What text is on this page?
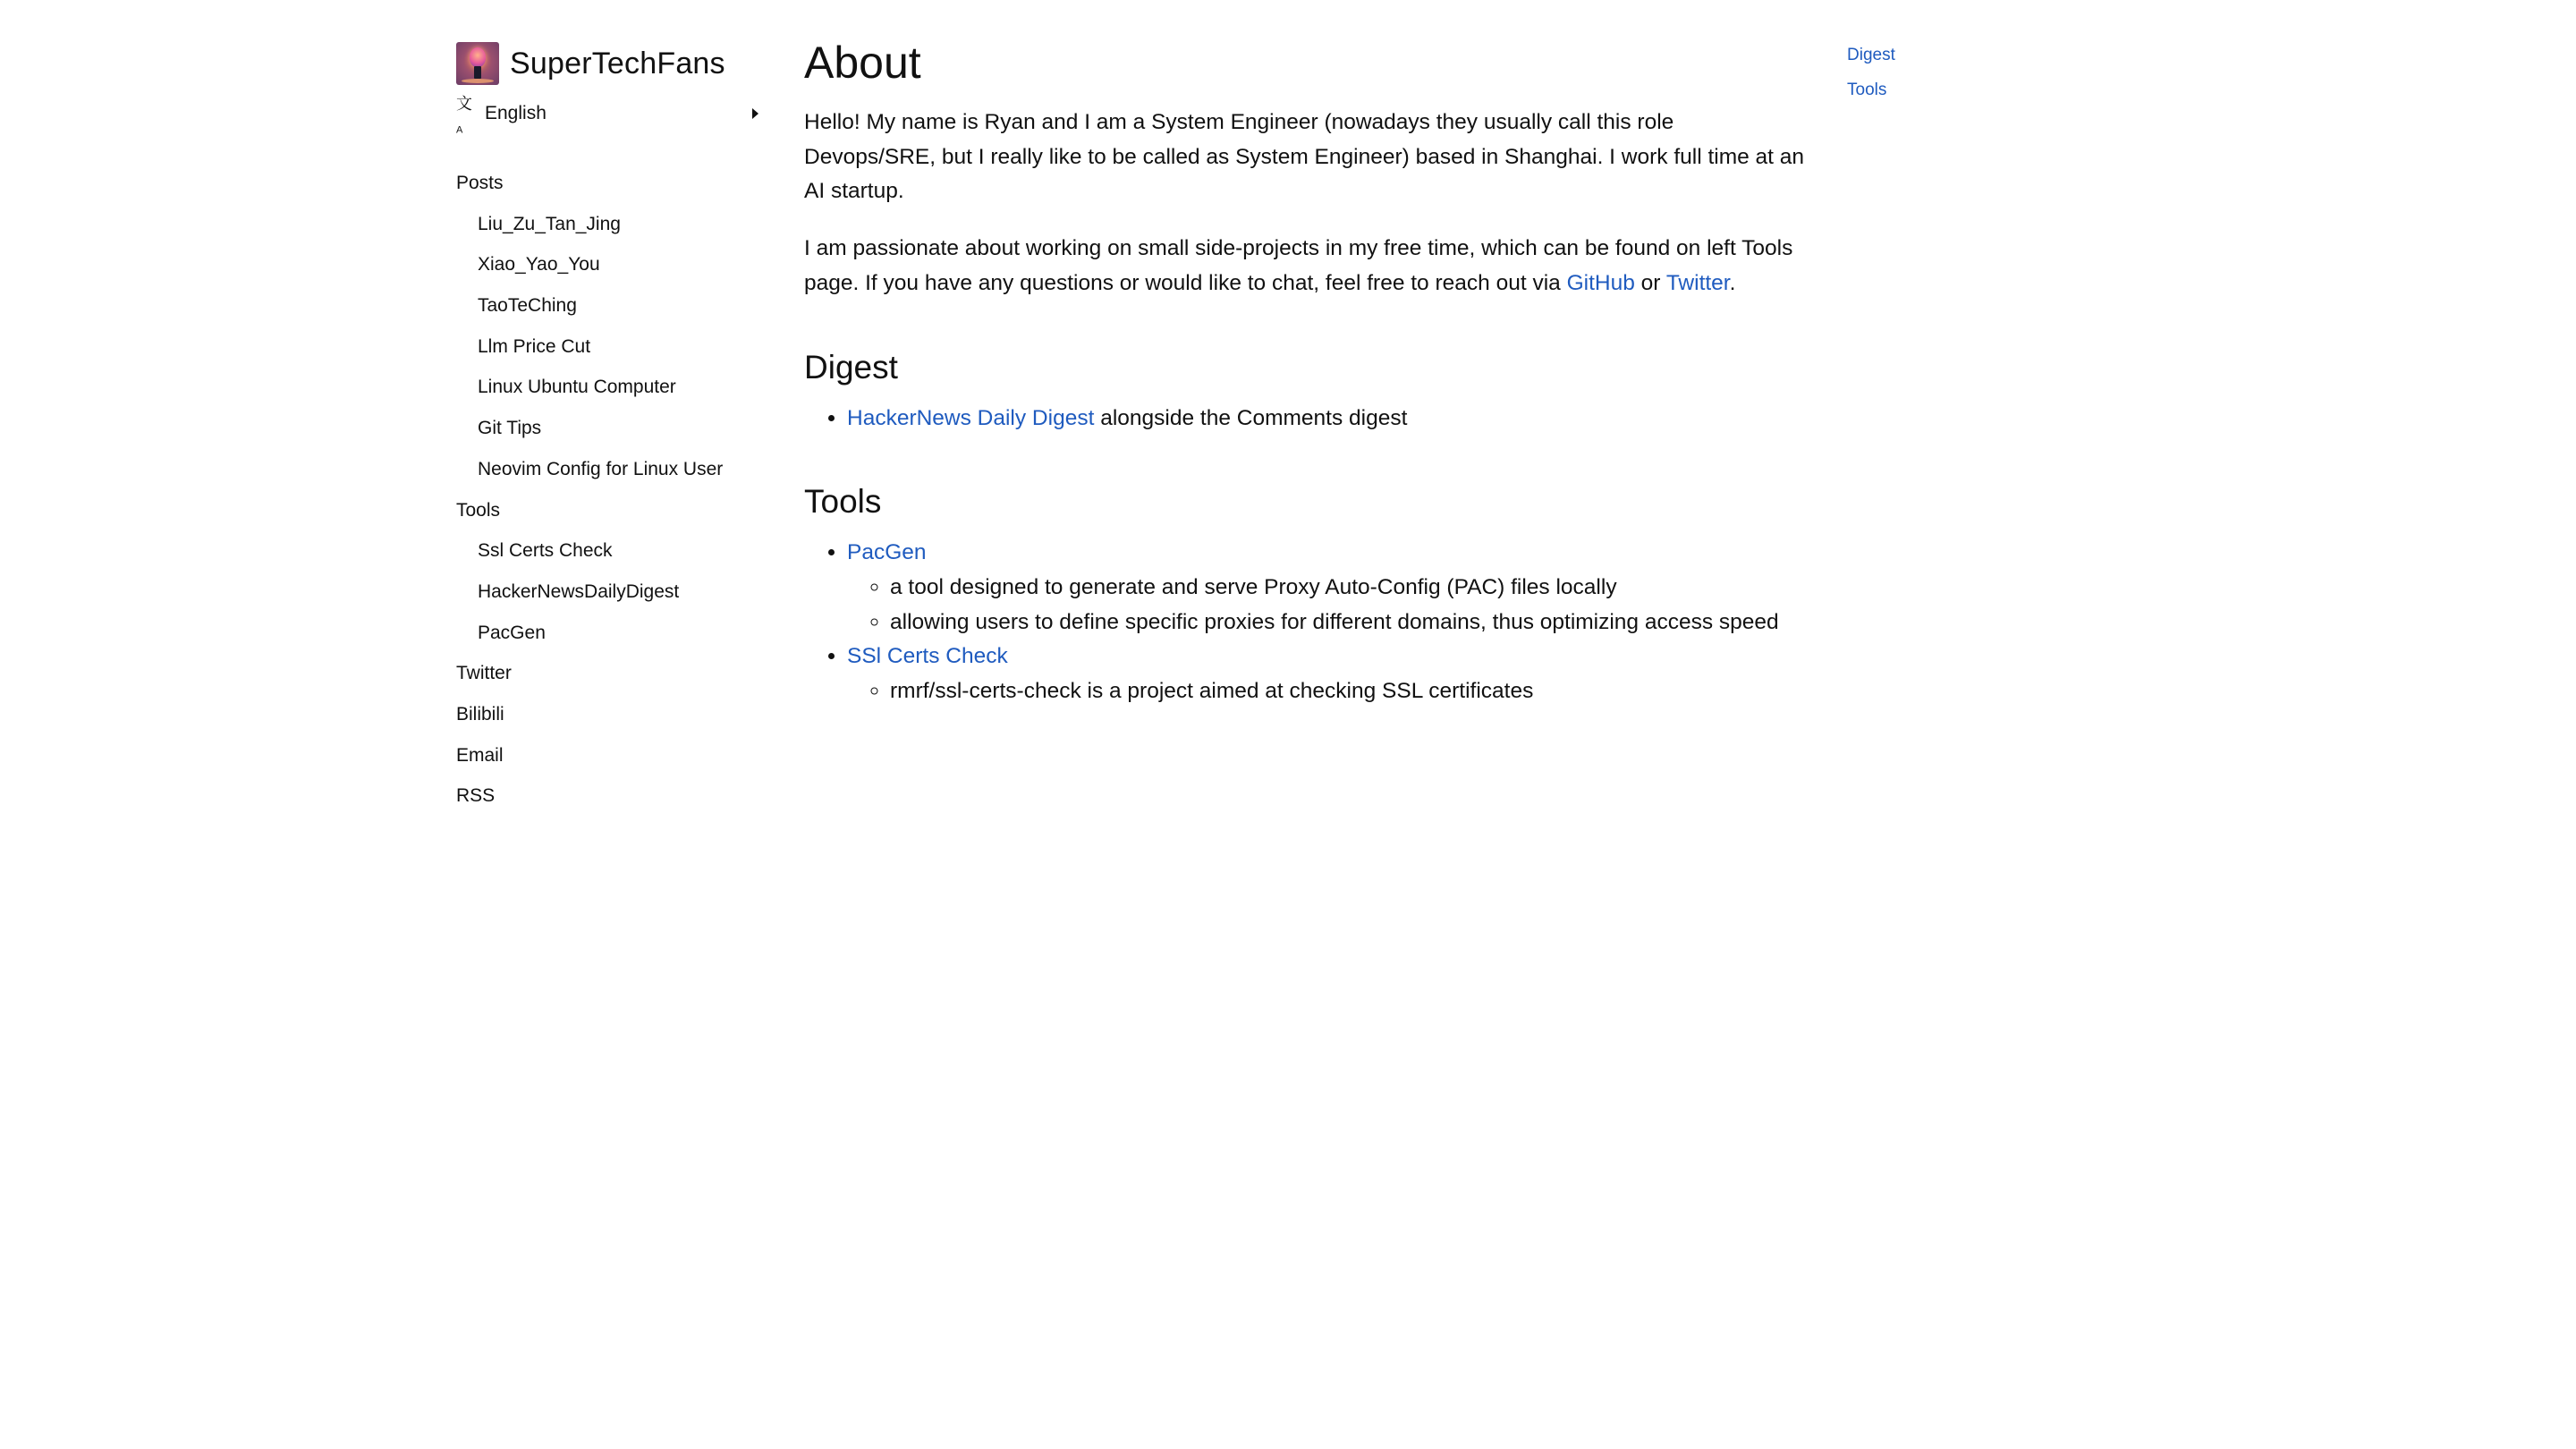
SuperTechFans
文$_A$
English
Posts
Liu_Zu_Tan_Jing
Xiao_Yao_You
TaoTeChing
Llm Price Cut
Linux Ubuntu Computer
Git Tips
Neovim Config for Linux User
Tools
Ssl Certs Check
HackerNewsDailyDigest
PacGen
Twitter
Bilibili
Email
RSS
About

Hello! My name is Ryan and I am a System Engineer (nowadays they usually call this role Devops/SRE, but I really like to be called as System Engineer) based in Shanghai. I work full time at an AI startup.

I am passionate about working on small side-projects in my free time, which can be found on left Tools page. If you have any questions or would like to chat, feel free to reach out via GitHub or Twitter.

Digest
• HackerNews Daily Digest alongside the Comments digest
Tools
• PacGen
◦ a tool designed to generate and serve Proxy Auto-Config (PAC) files locally
◦ allowing users to define specific proxies for different domains, thus optimizing access speed
• SSl Certs Check
◦ rmrf/ssl-certs-check is a project aimed at checking SSL certificates
Digest
Tools
